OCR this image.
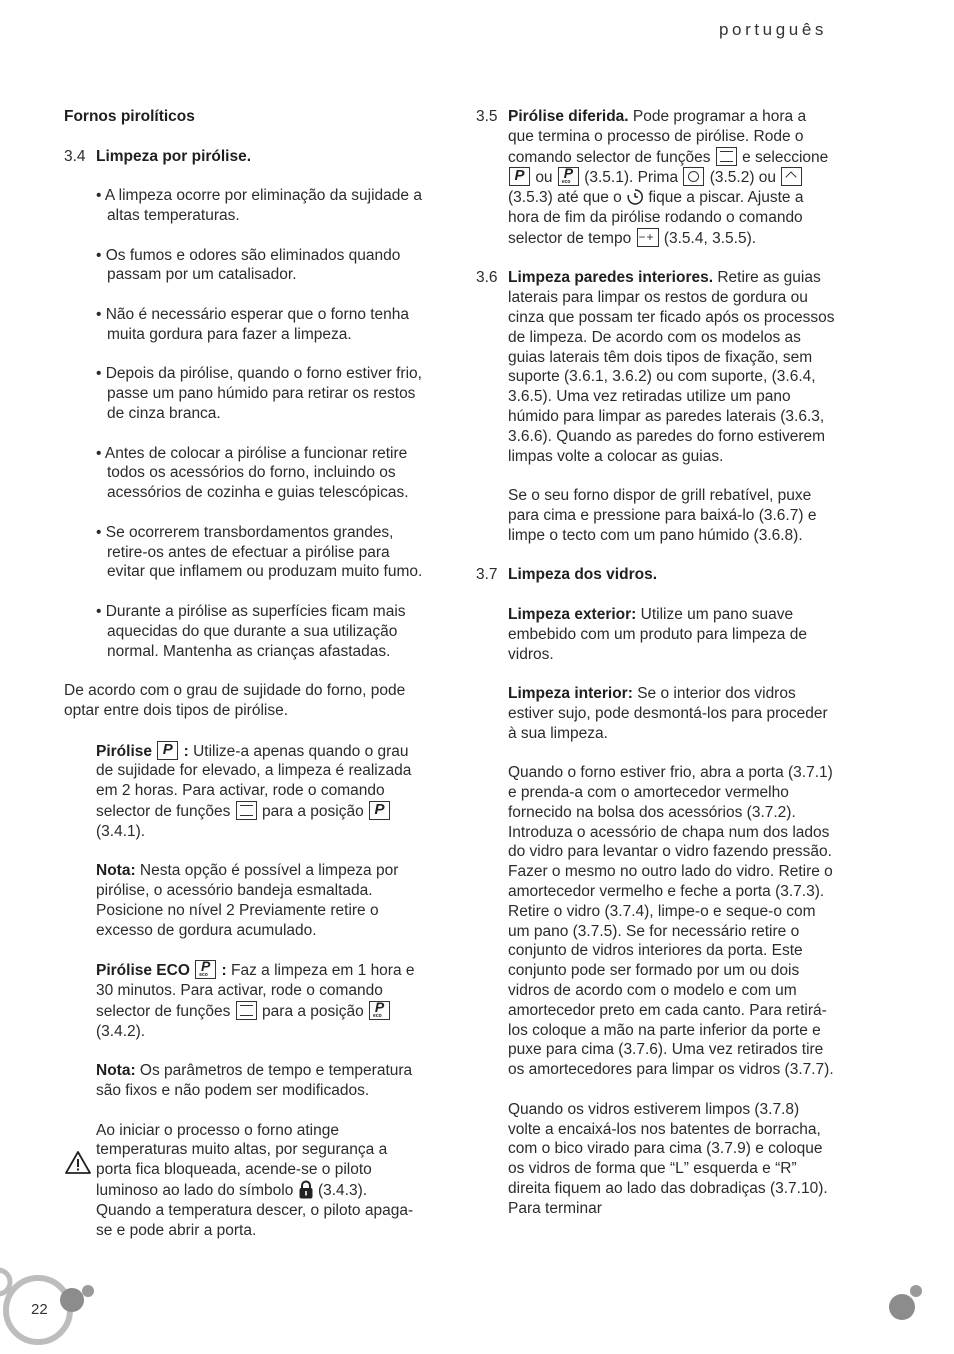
português

Fornos pirolíticos

3.4 Limpeza por pirólise.

• A limpeza ocorre por eliminação da sujidade a altas temperaturas.

• Os fumos e odores são eliminados quando passam por um catalisador.

• Não é necessário esperar que o forno tenha muita gordura para fazer a limpeza.

• Depois da pirólise, quando o forno estiver frio, passe um pano húmido para retirar os restos de cinza branca.

• Antes de colocar a pirólise a funcionar retire todos os acessórios do forno, incluindo os acessórios de cozinha e guias telescópicas.

• Se ocorrerem transbordamentos grandes, retire-os antes de efectuar a pirólise para evitar que inflamem ou produzam muito fumo.

• Durante a pirólise as superfícies ficam mais aquecidas do que durante a sua utilização normal. Mantenha as crianças afastadas.

De acordo com o grau de sujidade do forno, pode optar entre dois tipos de pirólise.

Pirólise P : Utilize-a apenas quando o grau de sujidade for elevado, a limpeza é realizada em 2 horas. Para activar, rode o comando selector de funções para a posição P (3.4.1).

Nota: Nesta opção é possível a limpeza por pirólise, o acessório bandeja esmaltada. Posicione no nível 2 Previamente retire o excesso de gordura acumulado.

Pirólise ECO eco P : Faz a limpeza em 1 hora e 30 minutos. Para activar, rode o comando selector de funções para a posição eco P (3.4.2).

Nota: Os parâmetros de tempo e temperatura são fixos e não podem ser modificados.

Ao iniciar o processo o forno atinge temperaturas muito altas, por segurança a porta fica bloqueada, acende-se o piloto luminoso ao lado do símbolo (3.4.3). Quando a temperatura descer, o piloto apaga-se e pode abrir a porta.

3.5 Pirólise diferida. Pode programar a hora a que termina o processo de pirólise. Rode o comando selector de funções e seleccione P ou eco P (3.5.1). Prima (3.5.2) ou  (3.5.3) até que o fique a piscar. Ajuste a hora de fim da pirólise rodando o comando selector de tempo −+ (3.5.4, 3.5.5).
3.6 Limpeza paredes interiores. Retire as guias laterais para limpar os restos de gordura ou cinza que possam ter ficado após os processos de limpeza. De acordo com os modelos as guias laterais têm dois tipos de fixação, sem suporte (3.6.1, 3.6.2) ou com suporte, (3.6.4, 3.6.5). Uma vez retiradas utilize um pano húmido para limpar as paredes laterais (3.6.3, 3.6.6). Quando as paredes do forno estiverem limpas volte a colocar as guias.

Se o seu forno dispor de grill rebatível, puxe para cima e pressione para baixá-lo (3.6.7) e limpe o tecto com um pano húmido (3.6.8).

3.7 Limpeza dos vidros.

Limpeza exterior: Utilize um pano suave embebido com um produto para limpeza de vidros.

Limpeza interior: Se o interior dos vidros estiver sujo, pode desmontá-los para proceder à sua limpeza.

Quando o forno estiver frio, abra a porta (3.7.1) e prenda-a com o amortecedor vermelho fornecido na bolsa dos acessórios (3.7.2). Introduza o acessório de chapa num dos lados do vidro para levantar o vidro fazendo pressão. Fazer o mesmo no outro lado do vidro. Retire o amortecedor vermelho e feche a porta (3.7.3). Retire o vidro (3.7.4), limpe-o e seque-o com um pano (3.7.5). Se for necessário retire o conjunto de vidros interiores da porta. Este conjunto pode ser formado por um ou dois vidros de acordo com o modelo e com um amortecedor preto em cada canto. Para retirá-los coloque a mão na parte inferior da porte e puxe para cima (3.7.6). Uma vez retirados tire os amortecedores para limpar os vidros (3.7.7).

Quando os vidros estiverem limpos (3.7.8) volte a encaixá-los nos batentes de borracha, com o bico virado para cima (3.7.9) e coloque os vidros de forma que “L” esquerda e “R” direita fiquem ao lado das dobradiças (3.7.10). Para terminar

22
